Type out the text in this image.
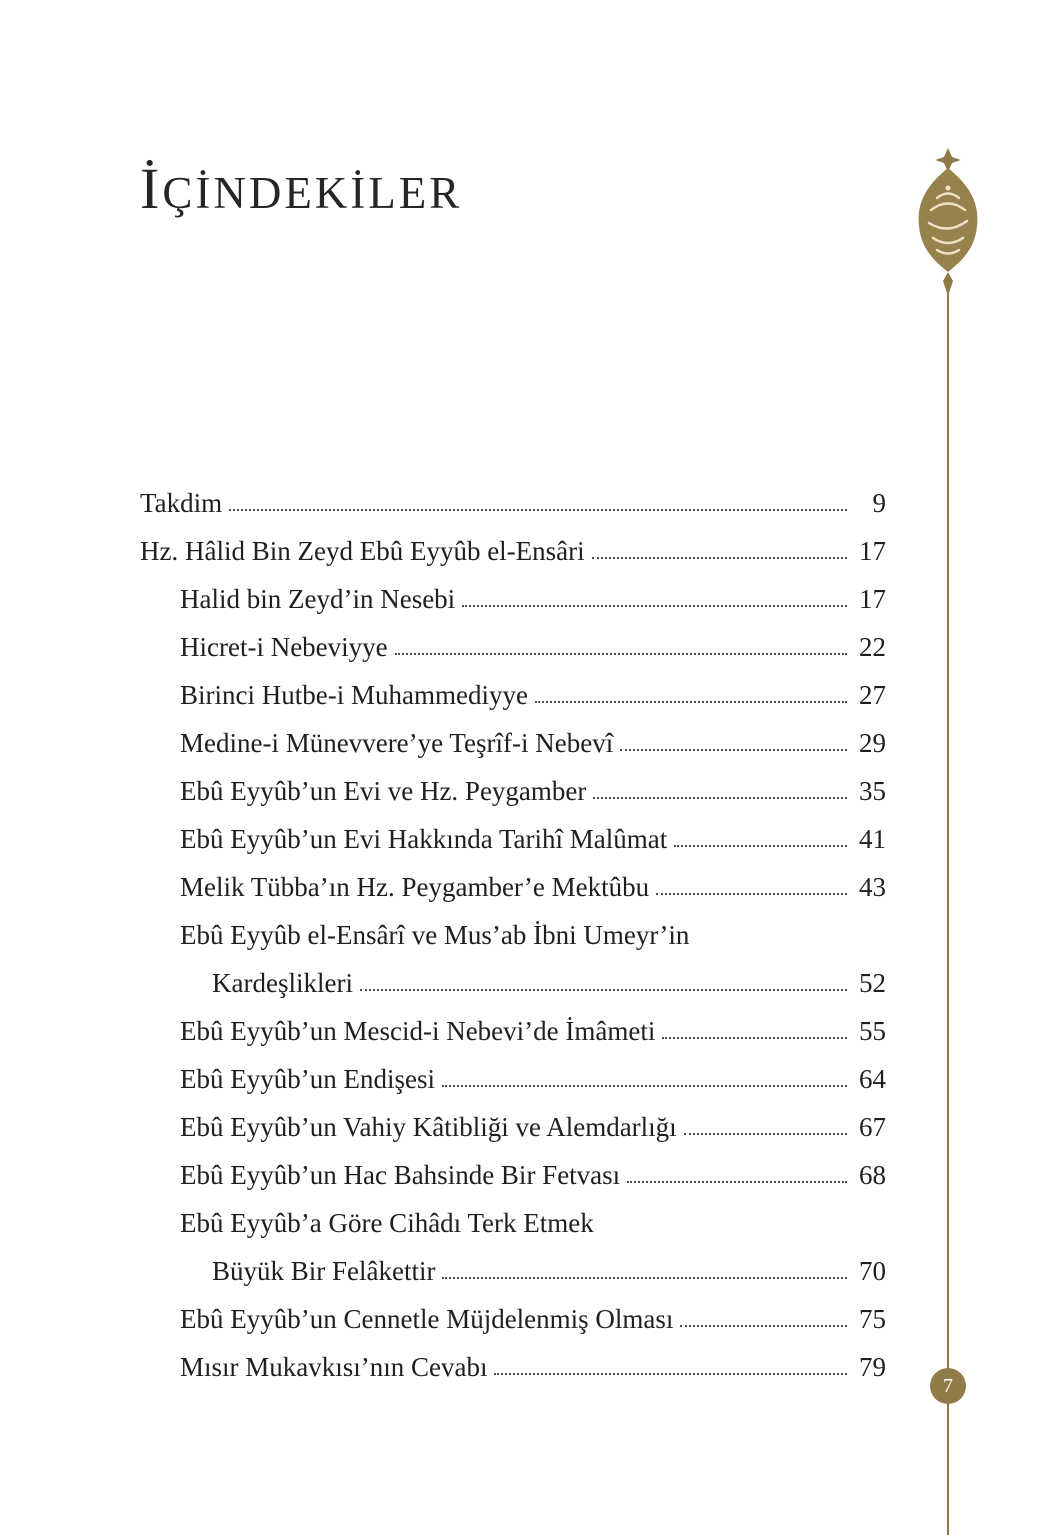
İÇİNDEKİLER
7
Takdim	9
Hz. Hâlid Bin Zeyd Ebû Eyyûb el-Ensâri	17
Halid bin Zeyd’in Nesebi	17
Hicret-i Nebeviyye	22
Birinci Hutbe-i Muhammediyye	27
Medine-i Münevvere’ye Teşrîf-i Nebevî	29
Ebû Eyyûb’un Evi ve Hz. Peygamber	35
Ebû Eyyûb’un Evi Hakkında Tarihî Malûmat	41
Melik Tübba’ın Hz. Peygamber’e Mektûbu	43
Ebû Eyyûb el-Ensârî ve Mus’ab İbni Umeyr’in
Kardeşlikleri	52
Ebû Eyyûb’un Mescid-i Nebevi’de İmâmeti	55
Ebû Eyyûb’un Endişesi	64
Ebû Eyyûb’un Vahiy Kâtibliği ve Alemdarlığı	67
Ebû Eyyûb’un Hac Bahsinde Bir Fetvası	68
Ebû Eyyûb’a Göre Cihâdı Terk Etmek
Büyük Bir Felâkettir	70
Ebû Eyyûb’un Cennetle Müjdelenmiş Olması	75
Mısır Mukavkısı’nın Cevabı	79
